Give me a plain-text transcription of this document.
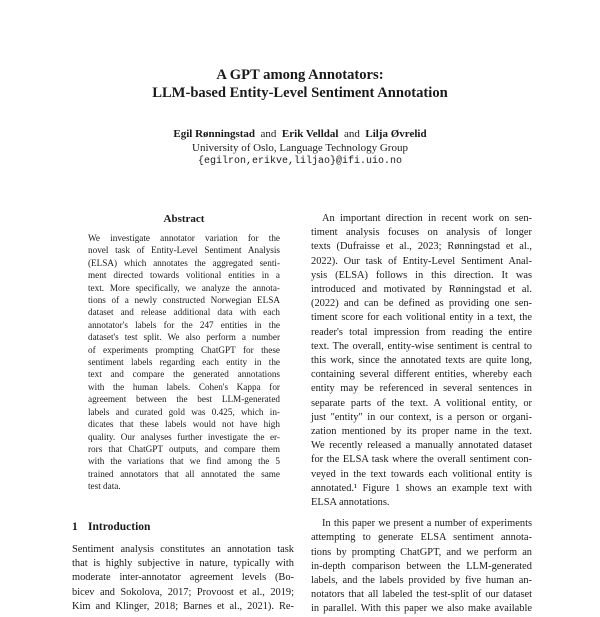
A GPT among Annotators:
LLM-based Entity-Level Sentiment Annotation
Egil Rønningstad and Erik Velldal and Lilja Øvrelid
University of Oslo, Language Technology Group
{egilron,erikve,liljao}@ifi.uio.no
Abstract
We investigate annotator variation for the
novel task of Entity-Level Sentiment Analysis
(ELSA) which annotates the aggregated senti-
ment directed towards volitional entities in a
text. More specifically, we analyze the annota-
tions of a newly constructed Norwegian ELSA
dataset and release additional data with each
annotator's labels for the 247 entities in the
dataset's test split. We also perform a number
of experiments prompting ChatGPT for these
sentiment labels regarding each entity in the
text and compare the generated annotations
with the human labels. Cohen's Kappa for
agreement between the best LLM-generated
labels and curated gold was 0.425, which in-
dicates that these labels would not have high
quality. Our analyses further investigate the er-
rors that ChatGPT outputs, and compare them
with the variations that we find among the 5
trained annotators that all annotated the same
test data.
1 Introduction
Sentiment analysis constitutes an annotation task
that is highly subjective in nature, typically with
moderate inter-annotator agreement levels (Bo-
bicev and Sokolova, 2017; Provoost et al., 2019;
Kim and Klinger, 2018; Barnes et al., 2021). Re-
An important direction in recent work on sen-
timent analysis focuses on analysis of longer
texts (Dufraisse et al., 2023; Rønningstad et al.,
2022). Our task of Entity-Level Sentiment Anal-
ysis (ELSA) follows in this direction. It was
introduced and motivated by Rønningstad et al.
(2022) and can be defined as providing one sen-
timent score for each volitional entity in a text, the
reader's total impression from reading the entire
text. The overall, entity-wise sentiment is central to
this work, since the annotated texts are quite long,
containing several different entities, whereby each
entity may be referenced in several sentences in
separate parts of the text. A volitional entity, or
just "entity" in our context, is a person or organi-
zation mentioned by its proper name in the text.
We recently released a manually annotated dataset
for the ELSA task where the overall sentiment con-
veyed in the text towards each volitional entity is
annotated.¹ Figure 1 shows an example text with
ELSA annotations.
In this paper we present a number of experiments
attempting to generate ELSA sentiment annota-
tions by prompting ChatGPT, and we perform an
in-depth comparison between the LLM-generated
labels, and the labels provided by five human an-
notators that all labeled the test-split of our dataset
in parallel. With this paper we also make available
